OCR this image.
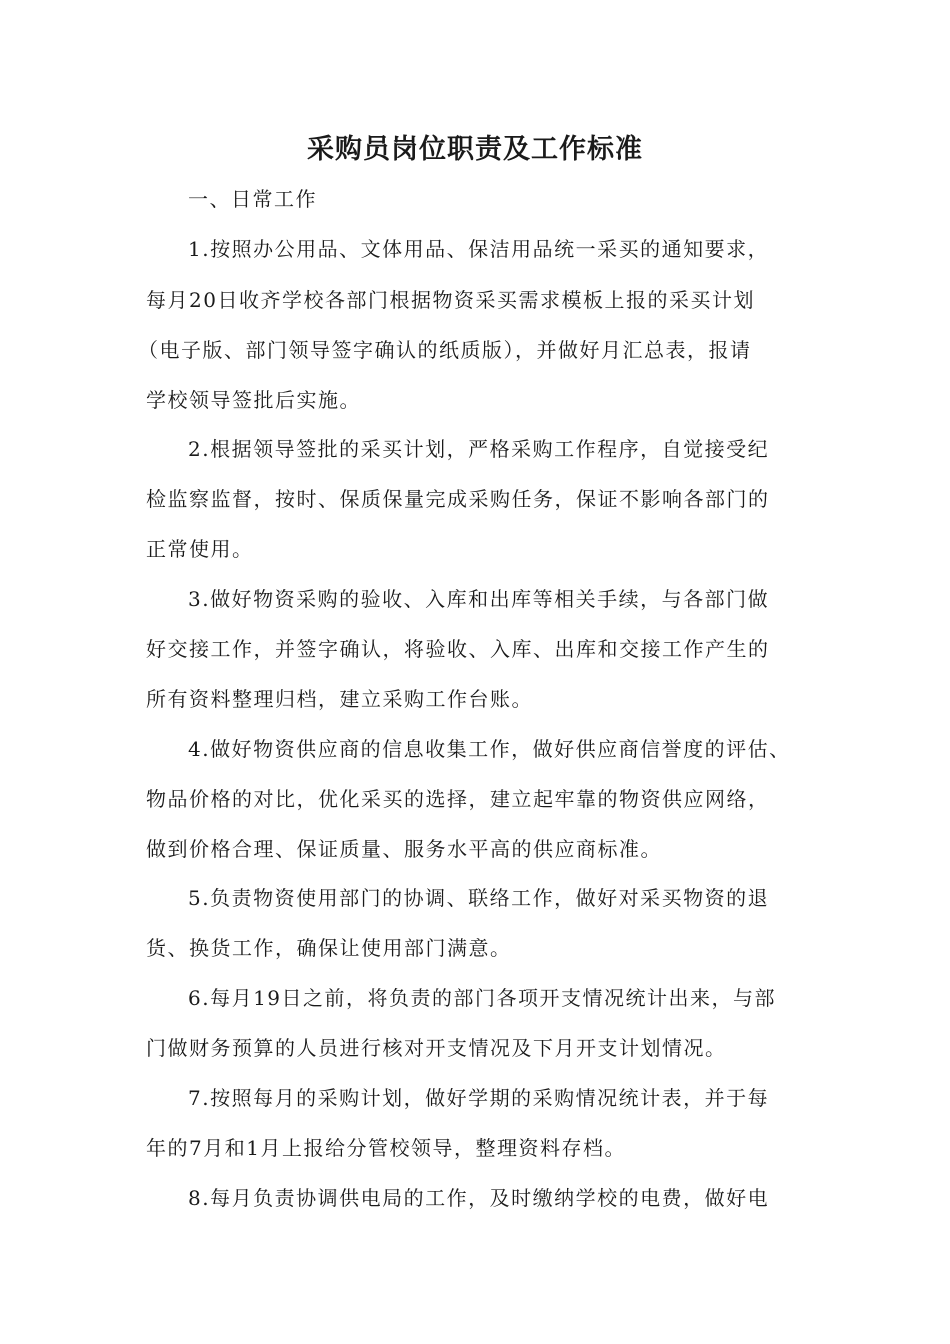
采购员岗位职责及工作标准
一、日常工作
1.按照办公用品、文体用品、保洁用品统一采买的通知要求，
每月20日收齐学校各部门根据物资采买需求模板上报的采买计划
（电子版、部门领导签字确认的纸质版），并做好月汇总表，报请
学校领导签批后实施。
2.根据领导签批的采买计划，严格采购工作程序，自觉接受纪
检监察监督，按时、保质保量完成采购任务，保证不影响各部门的
正常使用。
3.做好物资采购的验收、入库和出库等相关手续，与各部门做
好交接工作，并签字确认，将验收、入库、出库和交接工作产生的
所有资料整理归档，建立采购工作台账。
4.做好物资供应商的信息收集工作，做好供应商信誉度的评估、
物品价格的对比，优化采买的选择，建立起牢靠的物资供应网络，
做到价格合理、保证质量、服务水平高的供应商标准。
5.负责物资使用部门的协调、联络工作，做好对采买物资的退
货、换货工作，确保让使用部门满意。
6.每月19日之前，将负责的部门各项开支情况统计出来，与部
门做财务预算的人员进行核对开支情况及下月开支计划情况。
7.按照每月的采购计划，做好学期的采购情况统计表，并于每
年的7月和1月上报给分管校领导，整理资料存档。
8.每月负责协调供电局的工作，及时缴纳学校的电费，做好电
